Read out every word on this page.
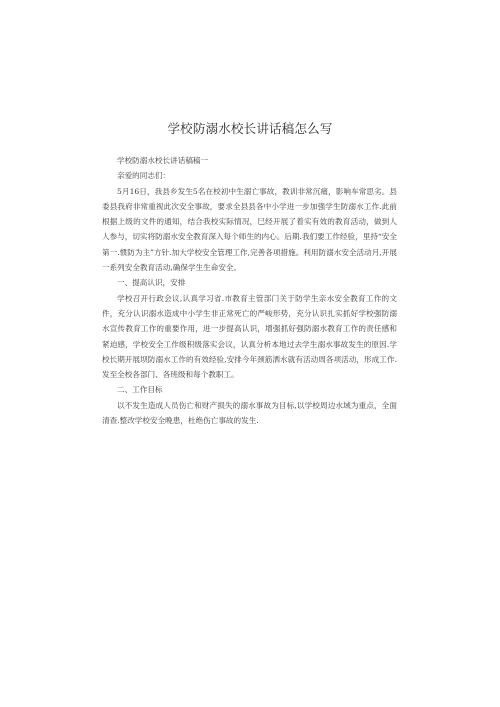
学校防溺水校长讲话稿怎么写

学校防溺水校长讲话稿稿一

亲爱的同志们：

5月16日，我县乡发生5名在校初中生溺亡事故，教训非常沉痛，影响车常思劣。县委县我府非常重视此次安全事故，要求全县县各中小学进一步加强学生防溺水工作.此前根据上级的文件的通知，结合我校实际情况，巳经开展了着实有效的教育活动，做到人人参与，切实将防溺水安全教育深入每个师生的内心。后期.我们要工作经验，里持“安全第一.惯防为主”方针.加大学校安全管理工作,完善各项措施。利用防溺水安全活动月,开展一系列安全教育活动,确保学生生命安全。

一、提高认识，安排

学校召开行政会议,认真学习省.市教育主管部门关于防学生亲水安全教育工作的文件，充分认识溺水造成中小学生非正常死亡的严峻形势，充分认识扎实抓好学校强防溺水宣传教育工作的重要作用，进一步提高认识，增强抓好强防溺水教育工作的责任感和紧迫感，学校安全工作级积级落实会议，认真分析本地过去学生溺水事故发生的原因.学校长期开展坝防溺水工作的有效经验,安排今年颈筋洒水就有活动周各项活动，形成工作.发至全校各部门、各班级和每个教职工。

二、工作目标

以不发生造成人员伤亡和财产损失的溺水事故为目标,以学校周边水域为重点，全面清查.整改学校安全晚患，杜绝伤亡事故的发生.
